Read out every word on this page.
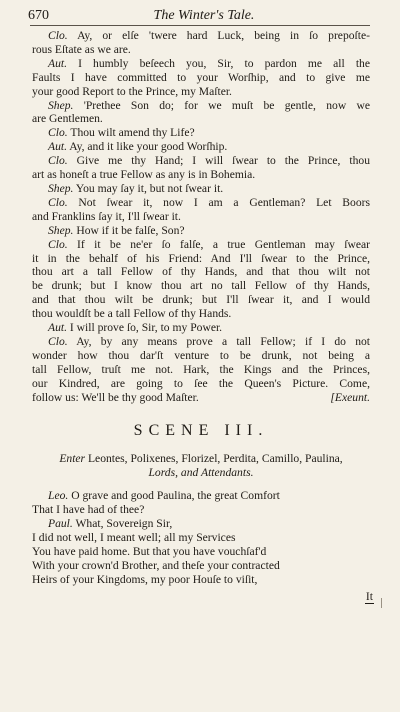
670	The Winter's Tale.

Clo. Ay, or elſe 'twere hard Luck, being in ſo prepoſte-

rous Eſtate as we are.

Aut. I humbly beſeech you, Sir, to pardon me all the

Faults I have committed to your Worſhip, and to give me

your good Report to the Prince, my Maſter.

Shep. 'Prethee Son do; for we muſt be gentle, now we

are Gentlemen.

Clo. Thou wilt amend thy Life?

Aut. Ay, and it like your good Worſhip.

Clo. Give me thy Hand; I will ſwear to the Prince, thou

art as honeſt a true Fellow as any is in Bohemia.

Shep. You may ſay it, but not ſwear it.

Clo. Not ſwear it, now I am a Gentleman? Let Boors

and Franklins ſay it, I'll ſwear it.

Shep. How if it be falſe, Son?

Clo. If it be ne'er ſo falſe, a true Gentleman may ſwear

it in the behalf of his Friend: And I'll ſwear to the Prince,

thou art a tall Fellow of thy Hands, and that thou wilt not

be drunk; but I know thou art no tall Fellow of thy Hands,

and that thou wilt be drunk; but I'll ſwear it, and I would

thou wouldſt be a tall Fellow of thy Hands.

Aut. I will prove ſo, Sir, to my Power.

Clo. Ay, by any means prove a tall Fellow; if I do not

wonder how thou dar'ſt venture to be drunk, not being a

tall Fellow, truſt me not. Hark, the Kings and the Princes,

our Kindred, are going to ſee the Queen's Picture. Come,

follow us: We'll be thy good Maſter.	[Exeunt.

SCENE III.

Enter Leontes, Polixenes, Florizel, Perdita, Camillo, Paulina,

Lords, and Attendants.

Leo. O grave and good Paulina, the great Comfort

That I have had of thee?

Paul. What, Sovereign Sir,

I did not well, I meant well; all my Services

You have paid home. But that you have vouchſaf'd

With your crown'd Brother, and theſe your contracted

Heirs of your Kingdoms, my poor Houſe to viſit,

It
